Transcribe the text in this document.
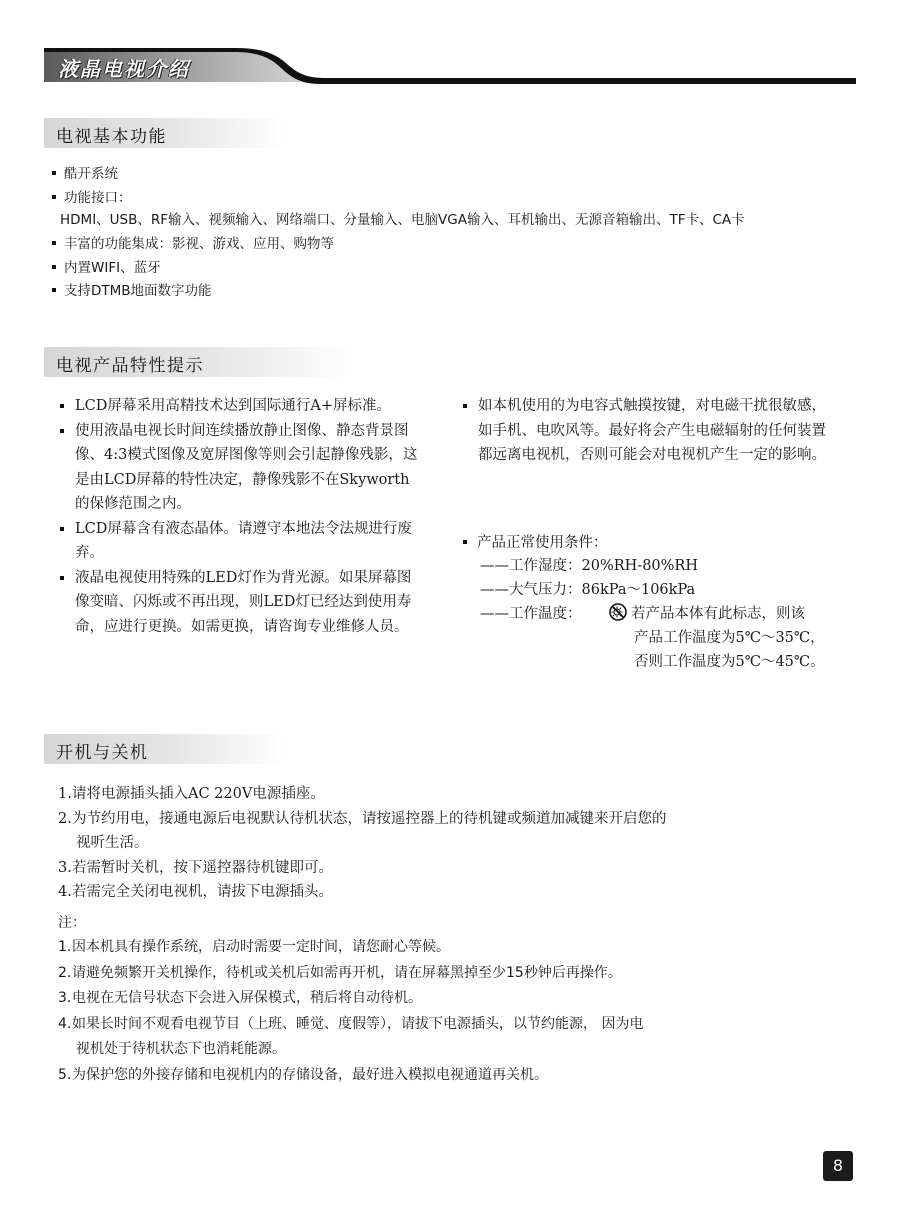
液晶电视介绍
电视基本功能
酷开系统
功能接口：
HDMI、USB、RF输入、视频输入、网络端口、分量输入、电脑VGA输入、耳机输出、无源音箱输出、TF卡、CA卡
丰富的功能集成：影视、游戏、应用、购物等
内置WIFI、蓝牙
支持DTMB地面数字功能
电视产品特性提示
LCD屏幕采用高精技术达到国际通行A+屏标准。
使用液晶电视长时间连续播放静止图像、静态背景图像、4:3模式图像及宽屏图像等则会引起静像残影，这是由LCD屏幕的特性决定，静像残影不在Skyworth的保修范围之内。
LCD屏幕含有液态晶体。请遵守本地法令法规进行废弃。
液晶电视使用特殊的LED灯作为背光源。如果屏幕图像变暗、闪烁或不再出现，则LED灯已经达到使用寿命，应进行更换。如需更换，请咨询专业维修人员。
如本机使用的为电容式触摸按键，对电磁干扰很敏感，如手机、电吹风等。最好将会产生电磁辐射的任何装置都远离电视机，否则可能会对电视机产生一定的影响。
产品正常使用条件：
——工作湿度：20%RH-80%RH
——大气压力：86kPa～106kPa
——工作温度：	若产品本体有此标志，则该
产品工作温度为5℃～35℃，
否则工作温度为5℃～45℃。
开机与关机
1.请将电源插头插入AC 220V电源插座。
2.为节约用电，接通电源后电视默认待机状态，请按遥控器上的待机键或频道加减键来开启您的
视听生活。
3.若需暂时关机，按下遥控器待机键即可。
4.若需完全关闭电视机，请拔下电源插头。
注：
1.因本机具有操作系统，启动时需要一定时间，请您耐心等候。
2.请避免频繁开关机操作，待机或关机后如需再开机，请在屏幕黑掉至少15秒钟后再操作。
3.电视在无信号状态下会进入屏保模式，稍后将自动待机。
4.如果长时间不观看电视节目（上班、睡觉、度假等），请拔下电源插头，以节约能源， 因为电
视机处于待机状态下也消耗能源。
5.为保护您的外接存储和电视机内的存储设备，最好进入模拟电视通道再关机。
8
